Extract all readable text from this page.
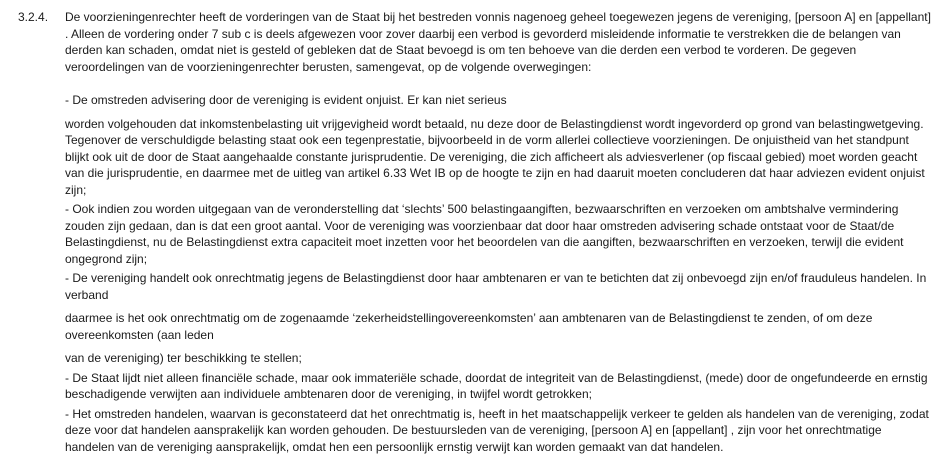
3.2.4. De voorzieningenrechter heeft de vorderingen van de Staat bij het bestreden vonnis nagenoeg geheel toegewezen jegens de vereniging, [persoon A] en [appellant] . Alleen de vordering onder 7 sub c is deels afgewezen voor zover daarbij een verbod is gevorderd misleidende informatie te verstrekken die de belangen van derden kan schaden, omdat niet is gesteld of gebleken dat de Staat bevoegd is om ten behoeve van die derden een verbod te vorderen. De gegeven veroordelingen van de voorzieningenrechter berusten, samengevat, op de volgende overwegingen:

- De omstreden advisering door de vereniging is evident onjuist. Er kan niet serieus

worden volgehouden dat inkomstenbelasting uit vrijgevigheid wordt betaald, nu deze door de Belastingdienst wordt ingevorderd op grond van belastingwetgeving. Tegenover de verschuldigde belasting staat ook een tegenprestatie, bijvoorbeeld in de vorm allerlei collectieve voorzieningen. De onjuistheid van het standpunt blijkt ook uit de door de Staat aangehaalde constante jurisprudentie. De vereniging, die zich afficheert als adviesverlener (op fiscaal gebied) moet worden geacht van die jurisprudentie, en daarmee met de uitleg van artikel 6.33 Wet IB op de hoogte te zijn en had daaruit moeten concluderen dat haar adviezen evident onjuist zijn;

- Ook indien zou worden uitgegaan van de veronderstelling dat ‘slechts’ 500 belastingaangiften, bezwaarschriften en verzoeken om ambtshalve vermindering zouden zijn gedaan, dan is dat een groot aantal. Voor de vereniging was voorzienbaar dat door haar omstreden advisering schade ontstaat voor de Staat/de Belastingdienst, nu de Belastingdienst extra capaciteit moet inzetten voor het beoordelen van die aangiften, bezwaarschriften en verzoeken, terwijl die evident ongegrond zijn;

- De vereniging handelt ook onrechtmatig jegens de Belastingdienst door haar ambtenaren er van te betichten dat zij onbevoegd zijn en/of frauduleus handelen. In verband

daarmee is het ook onrechtmatig om de zogenaamde ‘zekerheidstellingovereenkomsten’ aan ambtenaren van de Belastingdienst te zenden, of om deze overeenkomsten (aan leden

van de vereniging) ter beschikking te stellen;

- De Staat lijdt niet alleen financiële schade, maar ook immateriële schade, doordat de integriteit van de Belastingdienst, (mede) door de ongefundeerde en ernstig beschadigende verwijten aan individuele ambtenaren door de vereniging, in twijfel wordt getrokken;

- Het omstreden handelen, waarvan is geconstateerd dat het onrechtmatig is, heeft in het maatschappelijk verkeer te gelden als handelen van de vereniging, zodat deze voor dat handelen aansprakelijk kan worden gehouden. De bestuursleden van de vereniging, [persoon A] en [appellant] , zijn voor het onrechtmatige handelen van de vereniging aansprakelijk, omdat hen een persoonlijk ernstig verwijt kan worden gemaakt van dat handelen.
